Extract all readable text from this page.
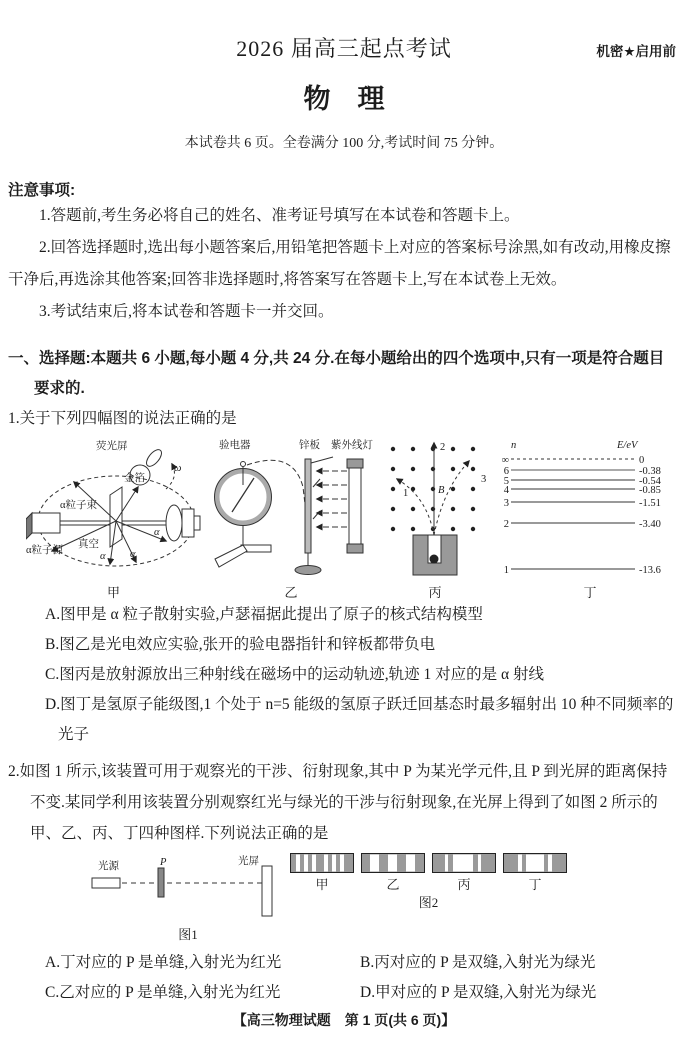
机密★启用前
2026 届高三起点考试
物　理
本试卷共 6 页。全卷满分 100 分,考试时间 75 分钟。
注意事项:

1.答题前,考生务必将自己的姓名、准考证号填写在本试卷和答题卡上。

2.回答选择题时,选出每小题答案后,用铅笔把答题卡上对应的答案标号涂黑,如有改动,用橡皮擦干净后,再选涂其他答案;回答非选择题时,将答案写在答题卡上,写在本试卷上无效。

3.考试结束后,将本试卷和答题卡一并交回。

一、选择题:本题共 6 小题,每小题 4 分,共 24 分.在每小题给出的四个选项中,只有一项是符合题目要求的.

1.关于下列四幅图的说法正确的是

荧光屏
ω
金箔
α粒子束
真空
α α
α
α粒子源
甲
验电器	锌板 紫外线灯
乙
2
1
3
B
丙
n	E/eV
∞	0
6	-0.38
5	-0.54
4	-0.85
3	-1.51
2	-3.40
1	-13.6
丁

A.图甲是 α 粒子散射实验,卢瑟福据此提出了原子的核式结构模型

B.图乙是光电效应实验,张开的验电器指针和锌板都带负电

C.图丙是放射源放出三种射线在磁场中的运动轨迹,轨迹 1 对应的是 α 射线

D.图丁是氢原子能级图,1 个处于 n=5 能级的氢原子跃迁回基态时最多辐射出 10 种不同频率的光子

2.如图 1 所示,该装置可用于观察光的干涉、衍射现象,其中 P 为某光学元件,且 P 到光屏的距离保持不变.某同学利用该装置分别观察红光与绿光的干涉与衍射现象,在光屏上得到了如图 2 所示的甲、乙、丙、丁四种图样.下列说法正确的是

光源	P	光屏
图1
甲	乙	丙	丁
图2
A.丁对应的 P 是单缝,入射光为红光	B.丙对应的 P 是双缝,入射光为绿光
C.乙对应的 P 是单缝,入射光为红光	D.甲对应的 P 是双缝,入射光为绿光
【高三物理试题　第 1 页(共 6 页)】
